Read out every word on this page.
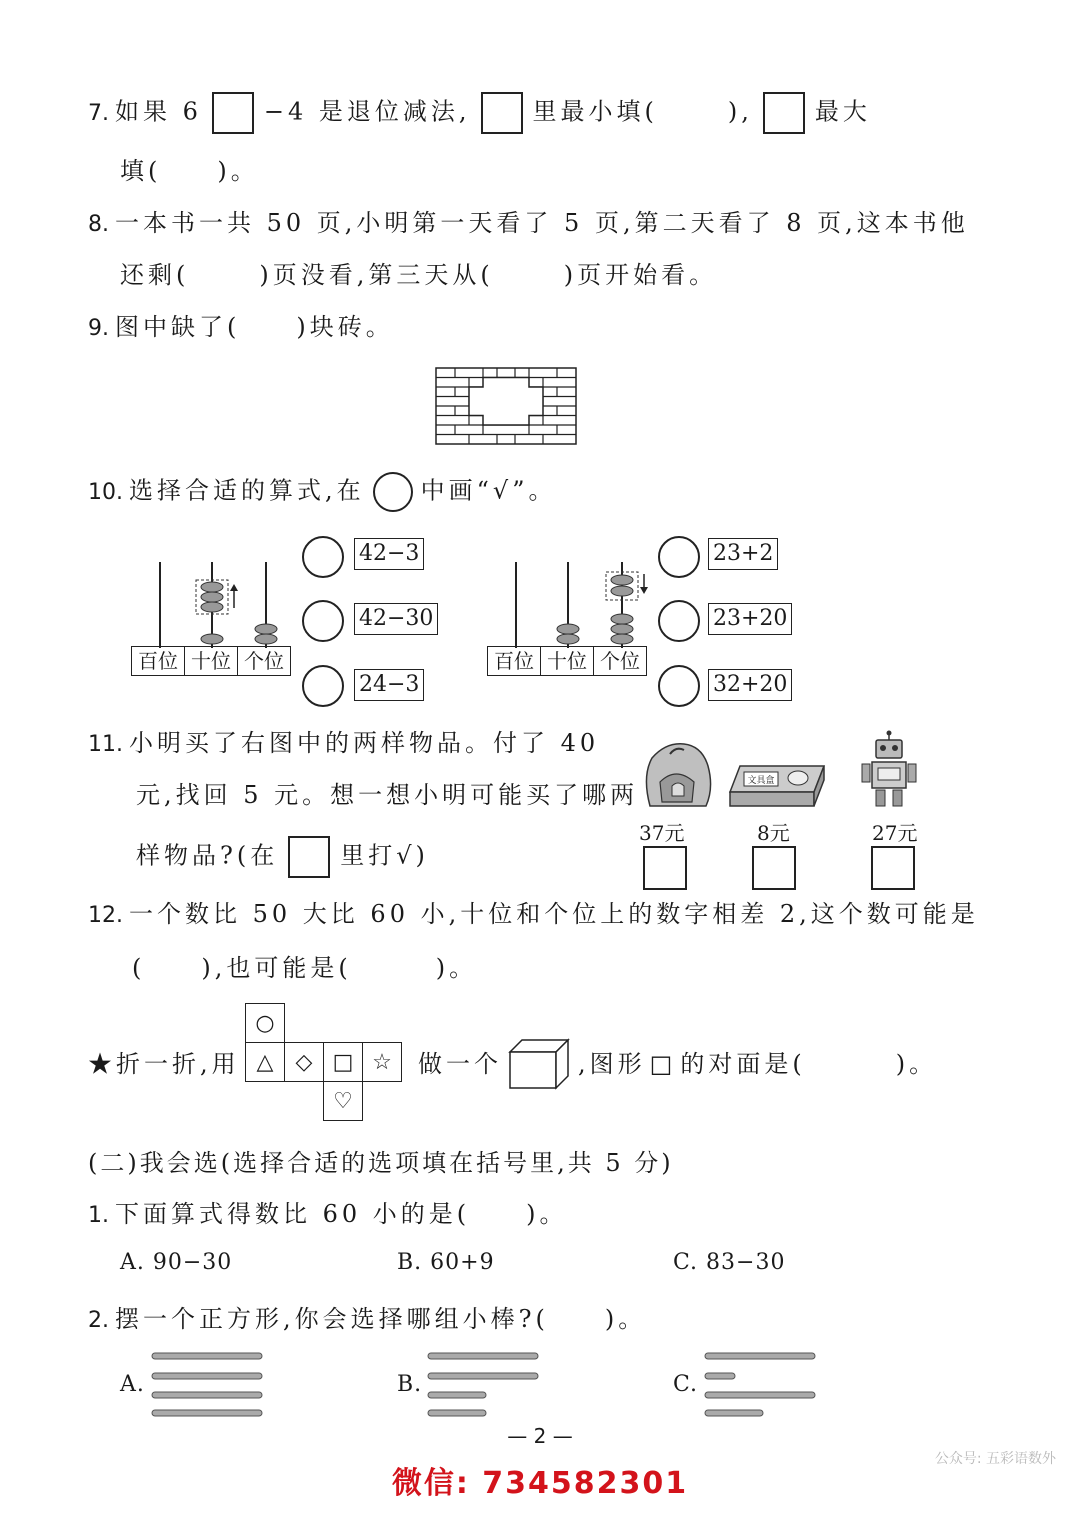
7. 如果 6	−4 是退位减法,	里最小填(	),	最大
填(　　)。
8. 一本书一共 50 页,小明第一天看了 5 页,第二天看了 8 页,这本书他
还剩(	)页没看,第三天从(	)页开始看。
9. 图中缺了(　　)块砖。
10. 选择合适的算式,在 中画“√”。
百位 十位 个位
42−3
42−30
24−3
百位 十位 个位
23+2
23+20
32+20
11. 小明买了右图中的两样物品。付了 40
元,找回 5 元。想一想小明可能买了哪两
样物品?(在	里打√)
文具盒
37元	8元	27元
12. 一个数比 50 大比 60 小,十位和个位上的数字相差 2,这个数可能是
(　　),也可能是(　　　)。
★折一折,用
○			
△	◇	□	☆
		♡	
做一个	,图形 □ 的对面是(	)。
(二)我会选(选择合适的选项填在括号里,共 5 分)
1. 下面算式得数比 60 小的是(　　)。
A. 90−30	B. 60+9	C. 83−30
2. 摆一个正方形,你会选择哪组小棒?(　　)。
A.	B.	C.
— 2 —
微信: 734582301
公众号: 五彩语数外
